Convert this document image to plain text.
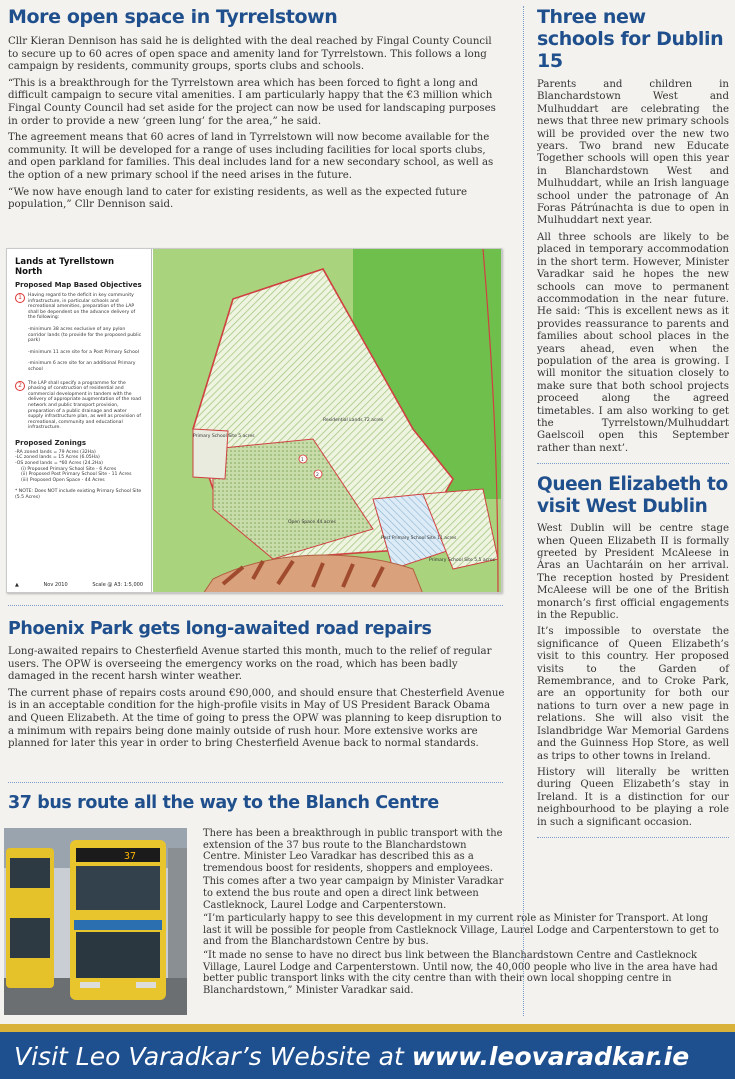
More open space in Tyrrelstown

Cllr Kieran Dennison has said he is delighted with the deal reached by Fingal County Council to secure up to 60 acres of open space and amenity land for Tyrrelstown. This follows a long campaign by residents, community groups, sports clubs and schools.

“This is a breakthrough for the Tyrrelstown area which has been forced to fight a long and difficult campaign to secure vital amenities. I am particularly happy that the €3 million which Fingal County Council had set aside for the project can now be used for landscaping purposes in order to provide a new ‘green lung’ for the area,” he said.

The agreement means that 60 acres of land in Tyrrelstown will now become available for the community. It will be developed for a range of uses including facilities for local sports clubs, and open parkland for families. This deal includes land for a new secondary school, as well as the option of a new primary school if the need arises in the future.

“We now have enough land to cater for existing residents, as well as the expected future population,” Cllr Dennison said.

Lands at Tyrellstown North
Proposed Map Based Objectives
1	Having regard to the deficit in key community infrastructure, in particular schools and recreational amenities, preparation of the LAP shall be dependent on the advance delivery of the following:
-minimum 38 acres exclusive of any pylon corridor lands (to provide for the proposed public park)
-minimum 11 acre site for a Post Primary School
-minimum 6 acre site for an additional Primary school
2	The LAP shall specify a programme for the phasing of construction of residential and commercial development in tandem with the delivery of appropriate augmentation of the road network and public transport provision, preparation of a public drainage and water supply infrastructure plan, as well as provision of recreational, community and educational infrastructure.
Proposed Zonings
-RA zoned lands = 79 Acres (32Ha)
-LC zoned lands = 15 Acres (6.05Ha)
-OS zoned lands = *60 Acres (24.2Ha)
(i) Proposed Primary School Site - 6 Acres
(ii) Proposed Post Primary School Site - 11 Acres
(iii) Proposed Open Space - 44 Acres
* NOTE: Does NOT include existing Primary School Site (5.5 Acres)
▲	Nov 2010	Scale @ A3: 1:5,000
1
2
Residential Lands 72 acres
Primary School Site 5 acres
Open Space 44 acres
Post Primary School Site 11 acres
Primary School Site 5.5 acres
Phoenix Park gets long-awaited road repairs

Long-awaited repairs to Chesterfield Avenue started this month, much to the relief of regular users. The OPW is overseeing the emergency works on the road, which has been badly damaged in the recent harsh winter weather.

The current phase of repairs costs around €90,000, and should ensure that Chesterfield Avenue is in an acceptable condition for the high-profile visits in May of US President Barack Obama and Queen Elizabeth. At the time of going to press the OPW was planning to keep disruption to a minimum with repairs being done mainly outside of rush hour. More extensive works are planned for later this year in order to bring Chesterfield Avenue back to normal standards.

37 bus route all the way to the Blanch Centre
37

There has been a breakthrough in public transport with the extension of the 37 bus route to the Blanchardstown Centre. Minister Leo Varadkar has described this as a tremendous boost for residents, shoppers and employees.

This comes after a two year campaign by Minister Varadkar to extend the bus route and open a direct link between Castleknock, Laurel Lodge and Carpenterstown.

“I’m particularly happy to see this development in my current role as Minister for Transport. At long last it will be possible for people from Castleknock Village, Laurel Lodge and Carpenterstown to get to and from the Blanchardstown Centre by bus.

“It made no sense to have no direct bus link between the Blanchardstown Centre and Castleknock Village, Laurel Lodge and Carpenterstown. Until now, the 40,000 people who live in the area have had better public transport links with the city centre than with their own local shopping centre in Blanchardstown,” Minister Varadkar said.

Three new schools for Dublin 15

Parents and children in Blanchardstown West and Mulhuddart are celebrating the news that three new primary schools will be provided over the new two years. Two brand new Educate Together schools will open this year in Blanchardstown West and Mulhuddart, while an Irish language school under the patronage of An Foras Pátrúnachta is due to open in Mulhuddart next year.

All three schools are likely to be placed in temporary accommodation in the short term. However, Minister Varadkar said he hopes the new schools can move to permanent accommodation in the near future. He said: ‘This is excellent news as it provides reassurance to parents and families about school places in the years ahead, even when the population of the area is growing. I will monitor the situation closely to make sure that both school projects proceed along the agreed timetables. I am also working to get the Tyrrelstown/Mulhuddart Gaelscoil open this September rather than next’.

Queen Elizabeth to visit West Dublin

West Dublin will be centre stage when Queen Elizabeth II is formally greeted by President McAleese in Áras an Uachtaráin on her arrival. The reception hosted by President McAleese will be one of the British monarch’s first official engagements in the Republic.

It’s impossible to overstate the significance of Queen Elizabeth’s visit to this country. Her proposed visits to the Garden of Remembrance, and to Croke Park, are an opportunity for both our nations to turn over a new page in relations. She will also visit the Islandbridge War Memorial Gardens and the Guinness Hop Store, as well as trips to other towns in Ireland.

History will literally be written during Queen Elizabeth’s stay in Ireland. It is a distinction for our neighbourhood to be playing a role in such a significant occasion.

Visit Leo Varadkar’s Website at www.leovaradkar.ie
